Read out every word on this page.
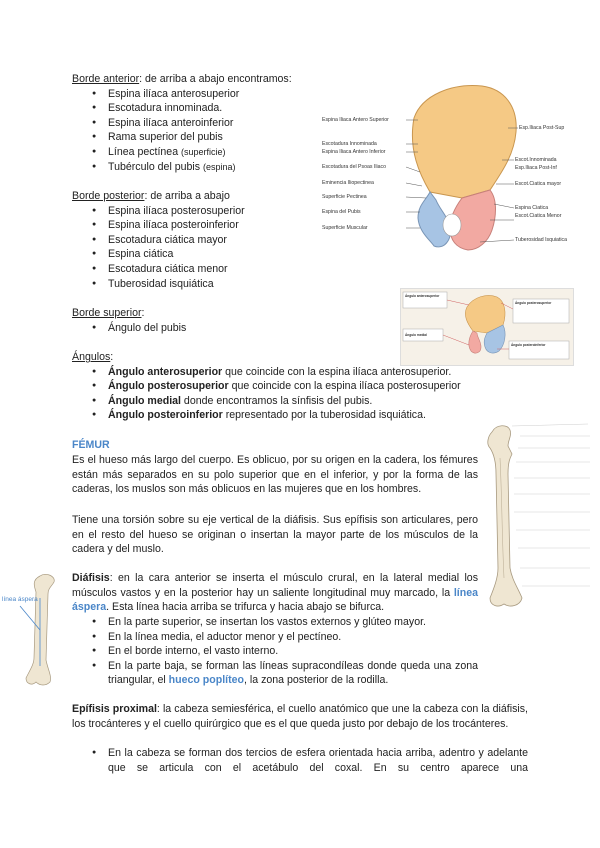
Borde anterior: de arriba a abajo encontramos:
● Espina ilíaca anterosuperior
● Escotadura innominada.
● Espina ilíaca anteroinferior
● Rama superior del pubis
● Línea pectínea (superficie)
● Tubérculo del pubis (espina)
Borde posterior: de arriba a abajo
● Espina ilíaca posterosuperior
● Espina ilíaca posteroinferior
● Escotadura ciática mayor
● Espina ciática
● Escotadura ciática menor
● Tuberosidad isquiática
Borde superior:
● Ángulo del pubis
Ángulos:
● Ángulo anterosuperior que coincide con la espina ilíaca anterosuperior.
● Ángulo posterosuperior que coincide con la espina ilíaca posterosuperior
● Ángulo medial donde encontramos la sínfisis del pubis.
● Ángulo posteroinferior representado por la tuberosidad isquiática.
FÉMUR
Es el hueso más largo del cuerpo. Es oblicuo, por su origen en la cadera, los fémures están más separados en su polo superior que en el inferior, y por la forma de las caderas, los muslos son más oblicuos en las mujeres que en los hombres.
Tiene una torsión sobre su eje vertical de la diáfisis. Sus epífisis son articulares, pero en el resto del hueso se originan o insertan la mayor parte de los músculos de la cadera y del muslo.
Diáfisis: en la cara anterior se inserta el músculo crural, en la lateral medial los músculos vastos y en la posterior hay un saliente longitudinal muy marcado, la línea áspera. Esta línea hacia arriba se trifurca y hacia abajo se bifurca.
● En la parte superior, se insertan los vastos externos y glúteo mayor.
● En la línea media, el aductor menor y el pectíneo.
● En el borde interno, el vasto interno.
● En la parte baja, se forman las líneas supracondíleas donde queda una zona triangular, el hueco poplíteo, la zona posterior de la rodilla.
Epífisis proximal: la cabeza semiesférica, el cuello anatómico que une la cabeza con la diáfisis, los trocánteres y el cuello quirúrgico que es el que queda justo por debajo de los trocánteres.
● En la cabeza se forman dos tercios de esfera orientada hacia arriba, adentro y adelante que se articula con el acetábulo del coxal. En su centro aparece una
Espina Iliaca Antero Superior
Escotadura Innominada
Espina Iliaca Antero Inferior
Escotadura del Psoas Iliaco
Eminencia Iliopectinea
Superficie Pectinea
Espina del Pubis
Superficie Muscular
Esp.Iliaca Post-Sup
Escot.Innominada
Esp.Iliaca Post-Inf
Escot.Ciatica mayor
Espina Ciatica
Escot.Ciatica Menor
Tuberosidad Isquiatica
Ángulo anterosuperior
Ángulo posterosuperior
Ángulo medial
Ángulo posteroinferior
línea áspera
